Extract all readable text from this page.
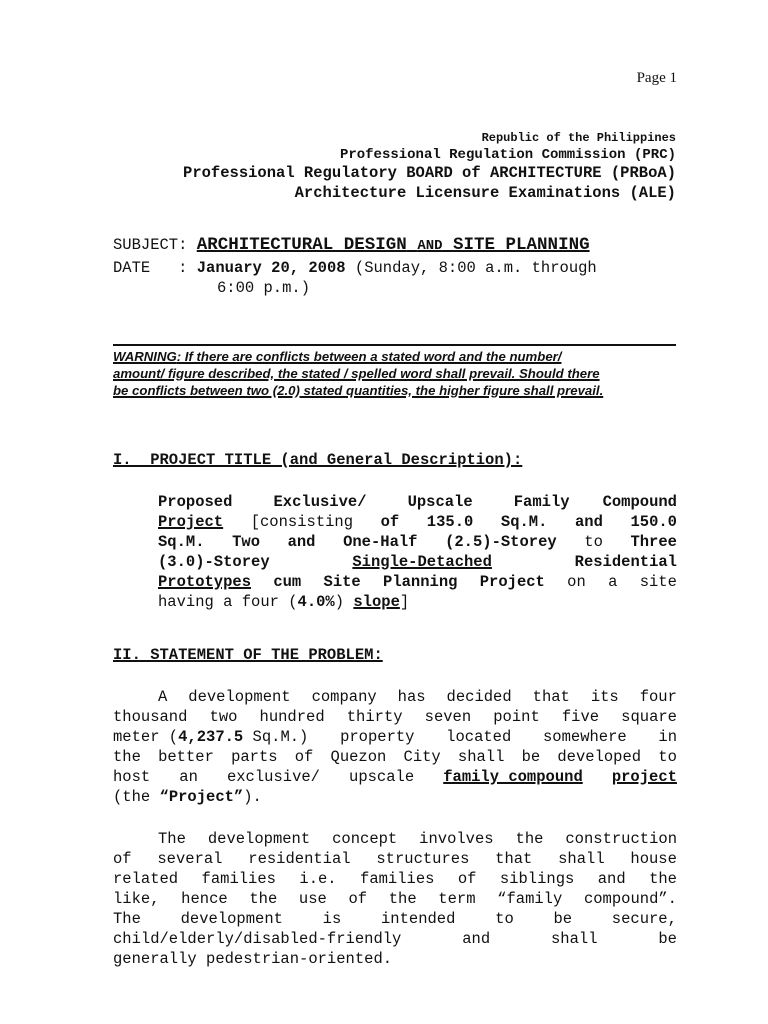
Page 1
Republic of the Philippines
Professional Regulation Commission (PRC)
Professional Regulatory BOARD of ARCHITECTURE (PRBoA)
Architecture Licensure Examinations (ALE)
SUBJECT: ARCHITECTURAL DESIGN AND SITE PLANNING
DATE : January 20, 2008 (Sunday, 8:00 a.m. through
6:00 p.m.)
WARNING: If there are conflicts between a stated word and the number/
amount/ figure described, the stated / spelled word shall prevail. Should there
be conflicts between two (2.0) stated quantities, the higher figure shall prevail.
I.  PROJECT TITLE (and General Description):
Proposed	Exclusive/	Upscale	Family Compound
Project [consisting of 135.0 Sq.M. and 150.0
Sq.M. Two and One-Half (2.5)-Storey to Three
(3.0)-Storey	Single-Detached	Residential
Prototypes cum Site Planning Project on a site
having a four (4.0%) slope]
II. STATEMENT OF THE PROBLEM:
A development company has decided that its four
thousand two hundred thirty seven point five square
meter (4,237.5 Sq.M.) property located somewhere in
the better parts of Quezon City shall be developed to
host an exclusive/ upscale family compound project
(the “Project”).
The development concept involves the construction
of several residential structures that shall house
related families i.e. families of siblings and the
like, hence the use of the term “family compound”.
The	development	is	intended	to	be	secure,
child/elderly/disabled-friendly	and	shall	be
generally pedestrian-oriented.
